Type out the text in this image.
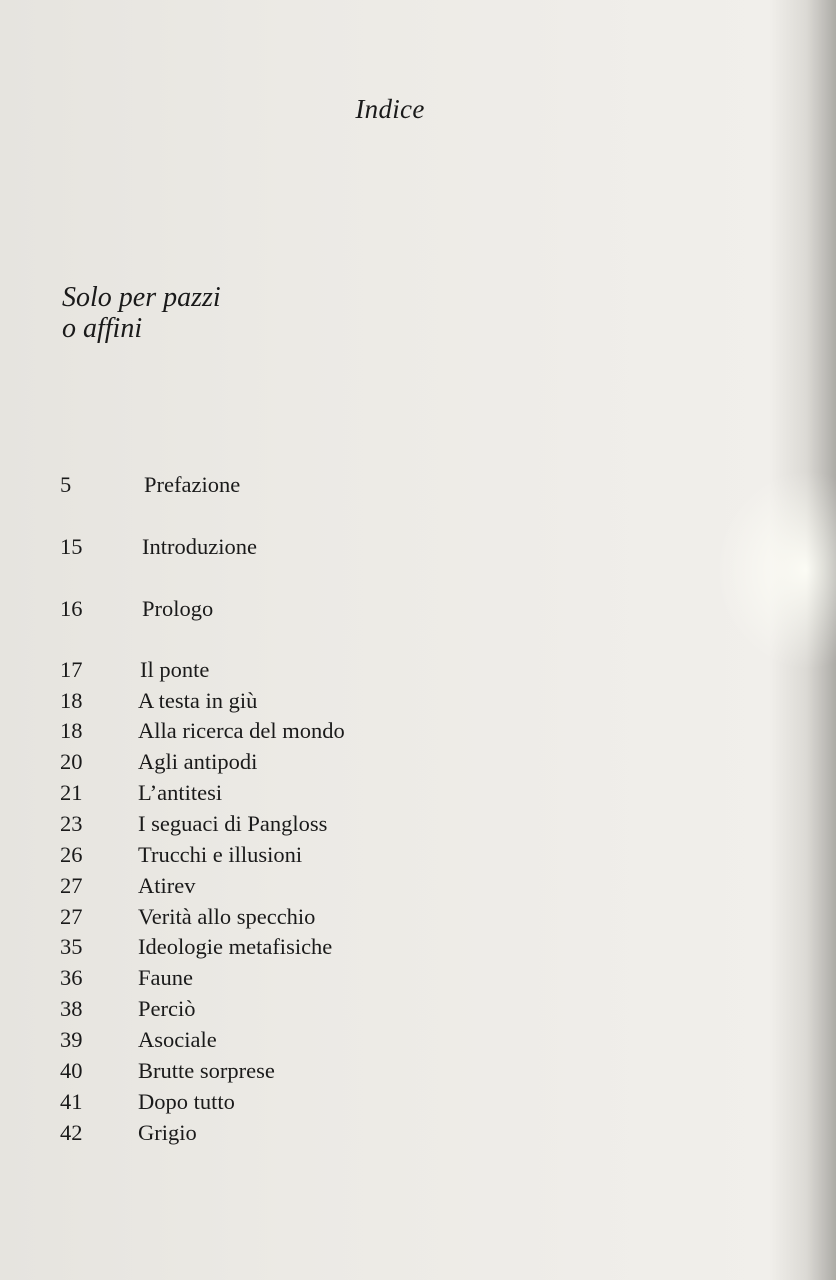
Indice
Solo per pazzi
o affini
5	Prefazione
15	Introduzione
16	Prologo
17	Il ponte
18	A testa in giù
18	Alla ricerca del mondo
20	Agli antipodi
21	L’antitesi
23	I seguaci di Pangloss
26	Trucchi e illusioni
27	Atirev
27	Verità allo specchio
35	Ideologie metafisiche
36	Faune
38	Perciò
39	Asociale
40	Brutte sorprese
41	Dopo tutto
42	Grigio
